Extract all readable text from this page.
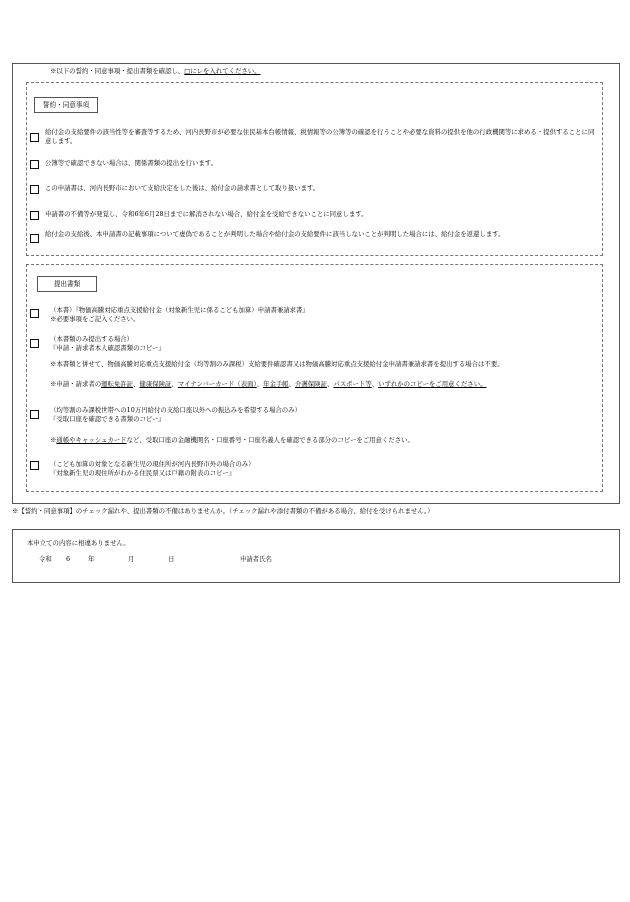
※以下の誓約・同意事項・提出書類を確認し、□にレを入れてください。
誓約・同意事項
給付金の支給要件の該当性等を審査等するため、河内長野市が必要な住民基本台帳情報、税情報等の公簿等の確認を行うことや必要な資料の提供を他の行政機関等に求める・提供することに同意します。
公簿等で確認できない場合は、関係書類の提出を行います。
この申請書は、河内長野市において支給決定をした後は、給付金の請求書として取り扱います。
申請書の不備等が発覚し、令和6年6月28日までに解消されない場合、給付金を受給できないことに同意します。
給付金の支給後、本申請書の記載事項について虚偽であることが判明した場合や給付金の支給要件に該当しないことが判明した場合には、給付金を返還します。
提出書類
（本書）『物価高騰対応重点支援給付金（対象新生児に係るこども加算）申請書兼請求書』
※必要事項をご記入ください。
（本書類のみ提出する場合）
『申請・請求者本人確認書類のコピー』
※本書類と併せて、物価高騰対応重点支援給付金（均等割のみ課税）支給要件確認書又は物価高騰対応重点支援給付金申請書兼請求書を提出する場合は不要。
※申請・請求者の運転免許証、健康保険証、マイナンバーカード（表面）、年金手帳、介護保険証、パスポート等、いずれかのコピーをご用意ください。
（均等割のみ課税世帯への10万円給付の支給口座以外への振込みを希望する場合のみ）
『受取口座を確認できる書類のコピー』
※通帳やキャッシュカードなど、受取口座の金融機関名・口座番号・口座名義人を確認できる部分のコピーをご用意ください。
（こども加算の対象となる新生児の現住所が河内長野市外の場合のみ）
『対象新生児の現住所がわかる住民票又は戸籍の附表のコピー』
※【誓約・同意事項】のチェック漏れや、提出書類の不備はありませんか。（チェック漏れや添付書類の不備がある場合、給付を受けられません。）
本申立ての内容に相違ありません。
令和 6	年	月	日	申請者氏名
